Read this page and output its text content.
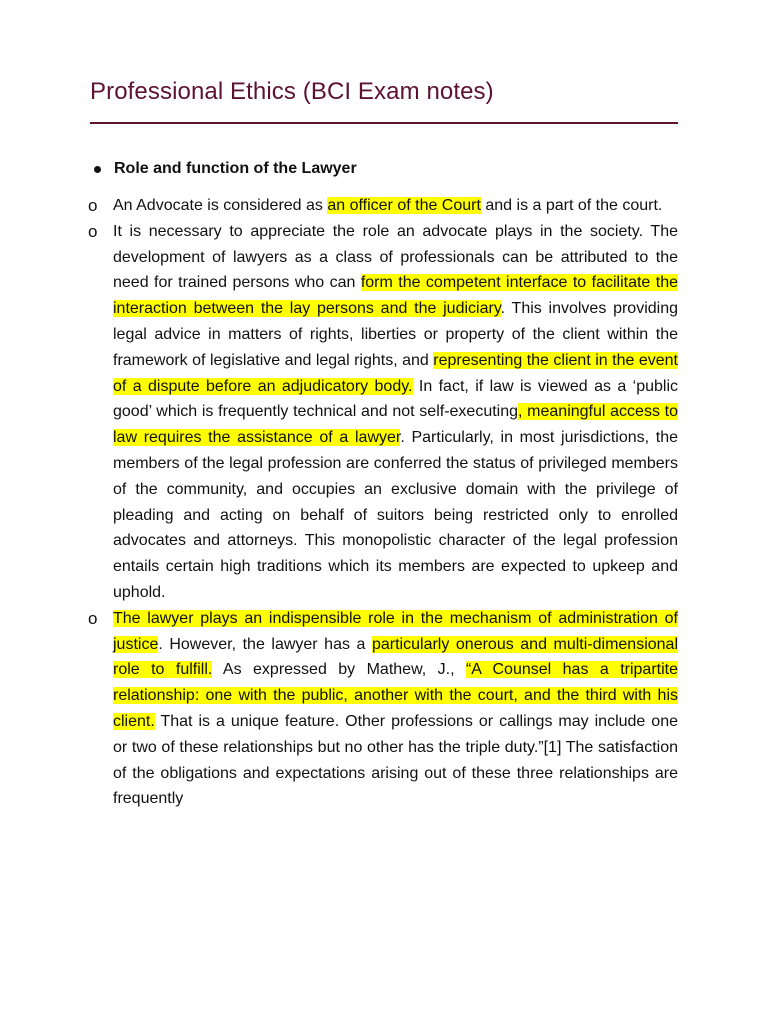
Professional Ethics (BCI Exam notes)
Role and function of the Lawyer
o An Advocate is considered as an officer of the Court and is a part of the court.

o It is necessary to appreciate the role an advocate plays in the society. The development of lawyers as a class of professionals can be attributed to the need for trained persons who can form the competent interface to facilitate the interaction between the lay persons and the judiciary. This involves providing legal advice in matters of rights, liberties or property of the client within the framework of legislative and legal rights, and representing the client in the event of a dispute before an adjudicatory body. In fact, if law is viewed as a ‘public good’ which is frequently technical and not self-executing, meaningful access to law requires the assistance of a lawyer. Particularly, in most jurisdictions, the members of the legal profession are conferred the status of privileged members of the community, and occupies an exclusive domain with the privilege of pleading and acting on behalf of suitors being restricted only to enrolled advocates and attorneys. This monopolistic character of the legal profession entails certain high traditions which its members are expected to upkeep and uphold.

o The lawyer plays an indispensible role in the mechanism of administration of justice. However, the lawyer has a particularly onerous and multi-dimensional role to fulfill. As expressed by Mathew, J., “A Counsel has a tripartite relationship: one with the public, another with the court, and the third with his client. That is a unique feature. Other professions or callings may include one or two of these relationships but no other has the triple duty.”[1] The satisfaction of the obligations and expectations arising out of these three relationships are frequently
